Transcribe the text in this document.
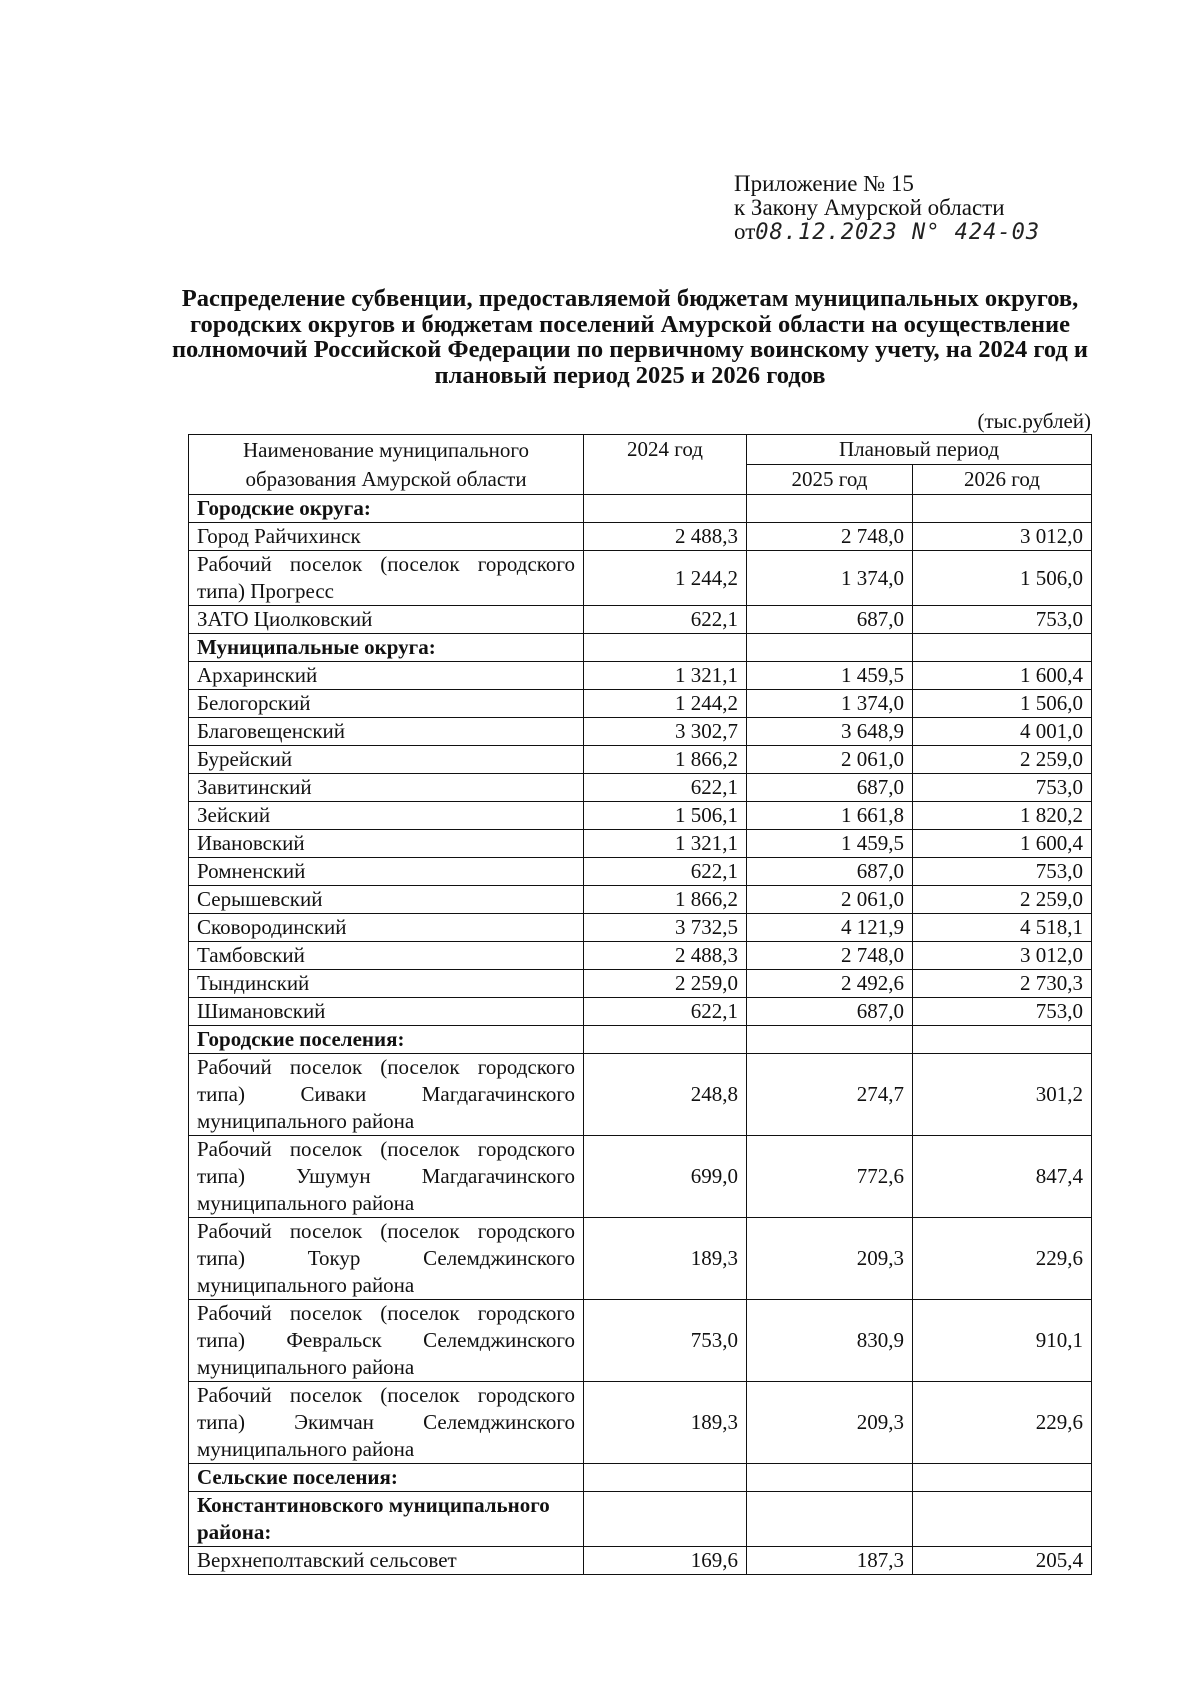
Приложение № 15
к Закону Амурской области
от08.12.2023 N° 424-03
Распределение субвенции, предоставляемой бюджетам муниципальных округов, городских округов и бюджетам поселений Амурской области на осуществление полномочий Российской Федерации по первичному воинскому учету, на 2024 год и плановый период 2025 и 2026 годов
(тыс.рублей)
Наименование муниципального образования Амурской области	2024 год	Плановый период	
		2025 год	2026 год
Городские округа:			
Город Райчихинск	2 488,3	2 748,0	3 012,0
Рабочий поселок (поселок городского типа) Прогресс	1 244,2	1 374,0	1 506,0
ЗАТО Циолковский	622,1	687,0	753,0
Муниципальные округа:			
Архаринский	1 321,1	1 459,5	1 600,4
Белогорский	1 244,2	1 374,0	1 506,0
Благовещенский	3 302,7	3 648,9	4 001,0
Бурейский	1 866,2	2 061,0	2 259,0
Завитинский	622,1	687,0	753,0
Зейский	1 506,1	1 661,8	1 820,2
Ивановский	1 321,1	1 459,5	1 600,4
Ромненский	622,1	687,0	753,0
Серышевский	1 866,2	2 061,0	2 259,0
Сковородинский	3 732,5	4 121,9	4 518,1
Тамбовский	2 488,3	2 748,0	3 012,0
Тындинский	2 259,0	2 492,6	2 730,3
Шимановский	622,1	687,0	753,0
Городские поселения:			
Рабочий поселок (поселок городского типа) Сиваки Магдагачинского муниципального района	248,8	274,7	301,2
Рабочий поселок (поселок городского типа) Ушумун Магдагачинского муниципального района	699,0	772,6	847,4
Рабочий поселок (поселок городского типа) Токур Селемджинского муниципального района	189,3	209,3	229,6
Рабочий поселок (поселок городского типа) Февральск Селемджинского муниципального района	753,0	830,9	910,1
Рабочий поселок (поселок городского типа) Экимчан Селемджинского муниципального района	189,3	209,3	229,6
Сельские поселения:			
Константиновского муниципального района:			
Верхнеполтавский сельсовет	169,6	187,3	205,4
